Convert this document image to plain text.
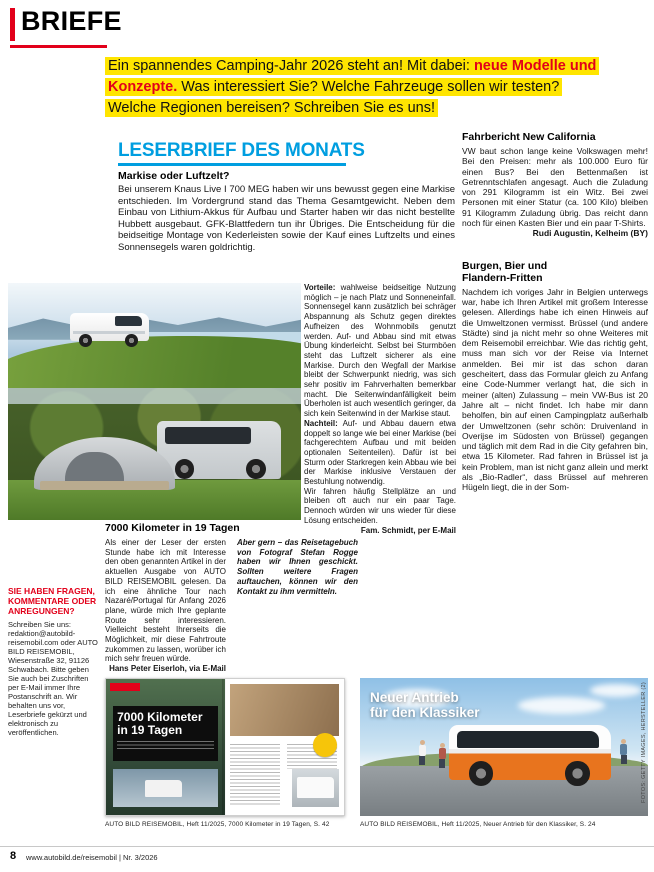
BRIEFE

Ein spannendes Camping-Jahr 2026 steht an! Mit dabei: neue Modelle und Konzepte. Was interessiert Sie? Welche Fahrzeuge sollen wir testen? Welche Regionen bereisen? Schreiben Sie es uns!

LESERBRIEF DES MONATS
Markise oder Luftzelt?

Bei unserem Knaus Live I 700 MEG haben wir uns bewusst gegen eine Markise entschieden. Im Vordergrund stand das Thema Gesamtgewicht. Neben dem Einbau von Lithium-Akkus für Aufbau und Starter haben wir das nicht bestellte Hubbett ausgebaut. GFK-Blattfedern tun ihr Übriges. Die Entscheidung für die beidseitige Montage von Kederleisten sowie der Kauf eines Luftzelts und eines Sonnensegels waren goldrichtig.

Vorteile: wahlweise beidseitige Nutzung möglich – je nach Platz und Sonneneinfall. Sonnensegel kann zusätzlich bei schräger Abspannung als Schutz gegen direktes Aufheizen des Wohnmobils genutzt werden. Auf- und Abbau sind mit etwas Übung kinderleicht. Selbst bei Sturmböen steht das Luftzelt sicherer als eine Markise. Durch den Wegfall der Markise bleibt der Schwerpunkt niedrig, was sich sehr positiv im Fahrverhalten bemerkbar macht. Die Seitenwindanfälligkeit beim Überholen ist auch wesentlich geringer, da sich kein Seitenwind in der Markise staut.

Nachteil: Auf- und Abbau dauern etwa doppelt so lange wie bei einer Markise (bei fachgerechtem Aufbau und mit beiden optionalen Seitenteilen). Dafür ist bei Sturm oder Starkregen kein Abbau wie bei der Markise inklusive Verstauen der Bestuhlung notwendig.

Wir fahren häufig Stellplätze an und bleiben oft auch nur ein paar Tage. Dennoch würden wir uns wieder für diese Lösung entscheiden.

Fam. Schmidt, per E-Mail

7000 Kilometer in 19 Tagen

Als einer der Leser der ersten Stunde habe ich mit Interesse den oben genannten Artikel in der aktuellen Ausgabe von AUTO BILD REISEMOBIL gelesen. Da ich eine ähnliche Tour nach Nazaré/Portugal für Anfang 2026 plane, würde mich Ihre geplante Route sehr interessieren. Vielleicht besteht Ihrerseits die Möglichkeit, mir diese Fahrtroute zukommen zu lassen, worüber ich mich sehr freuen würde.

Hans Peter Eiserloh, via E-Mail

Aber gern – das Reisetagebuch von Fotograf Stefan Rogge haben wir Ihnen geschickt. Sollten weitere Fragen auftauchen, können wir den Kontakt zu ihm vermitteln.

7000 Kilometer
in 19 Tagen
AUTO BILD REISEMOBIL, Heft 11/2025, 7000 Kilometer in 19 Tagen, S. 42
Fahrbericht New California

VW baut schon lange keine Volkswagen mehr! Bei den Preisen: mehr als 100.000 Euro für einen Bus? Bei den Bettenmaßen ist Getrenntschlafen angesagt. Auch die Zuladung von 291 Kilogramm ist ein Witz. Bei zwei Personen mit einer Statur (ca. 100 Kilo) bleiben 91 Kilogramm Zuladung übrig. Das reicht dann noch für einen Kasten Bier und ein paar T-Shirts.

Rudi Augustin, Kelheim (BY)

Burgen, Bier und Flandern-Fritten

Nachdem ich voriges Jahr in Belgien unterwegs war, habe ich Ihren Artikel mit großem Interesse gelesen. Allerdings habe ich einen Hinweis auf die Umweltzonen vermisst. Brüssel (und andere Städte) sind ja nicht mehr so ohne Weiteres mit dem Reisemobil erreichbar. Wie das richtig geht, muss man sich vor der Reise via Internet anmelden. Bei mir ist das schon daran gescheitert, dass das Formular gleich zu Anfang eine Code-Nummer verlangt hat, die sich in meiner (alten) Zulassung – mein VW-Bus ist 20 Jahre alt – nicht findet. Ich habe mir dann beholfen, bin auf einen Campingplatz außerhalb der Umweltzonen (sehr schön: Druivenland in Overijse im Südosten von Brüssel) gegangen und täglich mit dem Rad in die City gefahren bin, etwa 15 Kilometer. Rad fahren in Brüssel ist ja kein Problem, man ist nicht ganz allein und merkt als „Bio-Radler“, dass Brüssel auf mehreren Hügeln liegt, die in der Som-

Neuer Antrieb
für den Klassiker	FOTOS: GETTY IMAGES, HERSTELLER (2)
AUTO BILD REISEMOBIL, Heft 11/2025, Neuer Antrieb für den Klassiker, S. 24
SIE HABEN FRAGEN, KOMMENTARE ODER ANREGUNGEN?
Schreiben Sie uns: redaktion@autobild-reisemobil.com oder AUTO BILD REISEMOBIL, Wiesenstraße 32, 91126 Schwabach. Bitte geben Sie auch bei Zuschriften per E-Mail immer Ihre Postanschrift an. Wir behalten uns vor, Leserbriefe gekürzt und elektronisch zu veröffentlichen.
8 www.autobild.de/reisemobil | Nr. 3/2026
